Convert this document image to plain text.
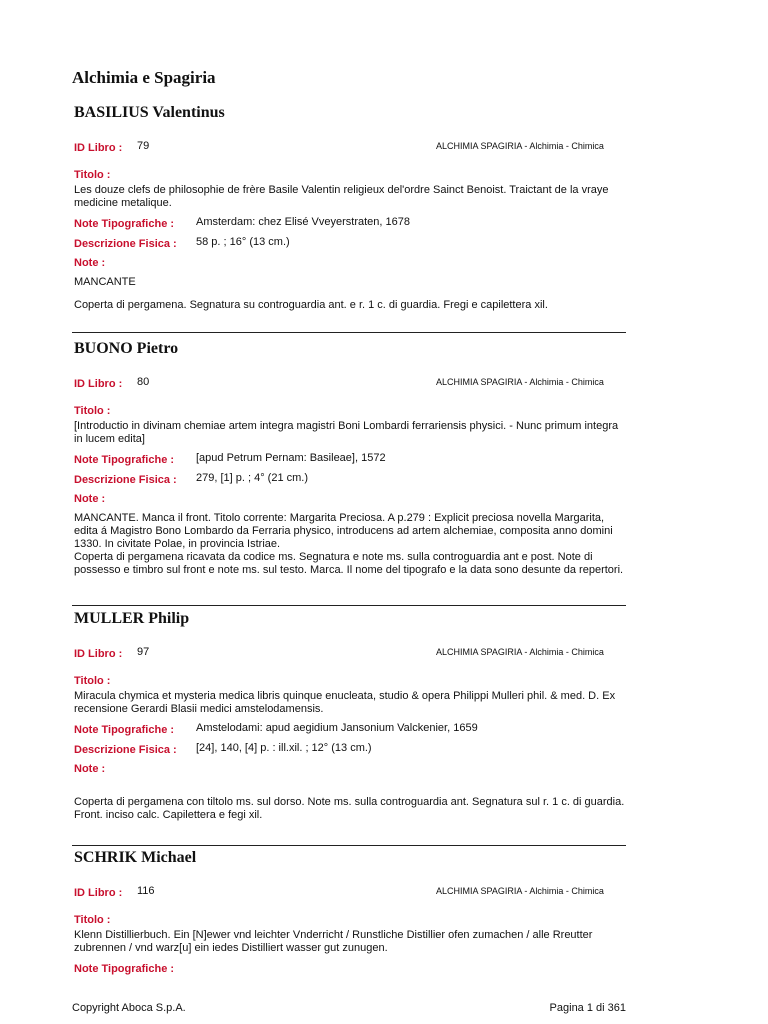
Alchimia e Spagiria
BASILIUS Valentinus
ID Libro : 79	ALCHIMIA SPAGIRIA - Alchimia - Chimica
Titolo :
Les douze clefs de philosophie de frère Basile Valentin religieux del'ordre Sainct Benoist. Traictant de la vraye medicine metalique.
Note Tipografiche : Amsterdam: chez Elisé Vveyerstraten, 1678
Descrizione Fisica : 58 p. ; 16° (13 cm.)
Note :
MANCANTE
Coperta di pergamena. Segnatura su controguardia ant. e r. 1 c. di guardia. Fregi e capilettera xil.
BUONO Pietro
ID Libro : 80	ALCHIMIA SPAGIRIA - Alchimia - Chimica
Titolo :
[Introductio in divinam chemiae artem integra magistri Boni Lombardi ferrariensis physici. - Nunc primum integra in lucem edita]
Note Tipografiche : [apud Petrum Pernam: Basileae], 1572
Descrizione Fisica : 279, [1] p. ; 4° (21 cm.)
Note :
MANCANTE. Manca il front. Titolo corrente: Margarita Preciosa. A p.279 : Explicit preciosa novella Margarita, edita á Magistro Bono Lombardo da Ferraria physico, introducens ad artem alchemiae, composita anno domini 1330. In civitate Polae, in provincia Istriae.
Coperta di pergamena ricavata da codice ms. Segnatura e note ms. sulla controguardia ant e post. Note di possesso e timbro sul front e note ms. sul testo. Marca. Il nome del tipografo e la data sono desunte da repertori.
MULLER Philip
ID Libro : 97	ALCHIMIA SPAGIRIA - Alchimia - Chimica
Titolo :
Miracula chymica et mysteria medica libris quinque enucleata, studio & opera Philippi Mulleri phil. & med. D. Ex recensione Gerardi Blasii medici amstelodamensis.
Note Tipografiche : Amstelodami: apud aegidium Jansonium Valckenier, 1659
Descrizione Fisica : [24], 140, [4] p. : ill.xil. ; 12° (13 cm.)
Note :
Coperta di pergamena con tiltolo ms. sul dorso. Note ms. sulla controguardia ant. Segnatura sul r. 1 c. di guardia. Front. inciso calc. Capilettera e fegi xil.
SCHRIK Michael
ID Libro : 116	ALCHIMIA SPAGIRIA - Alchimia - Chimica
Titolo :
Klenn Distillierbuch. Ein [N]ewer vnd leichter Vnderricht / Runstliche Distillier ofen zumachen / alle Rreutter zubrennen / vnd warz[u] ein iedes Distilliert wasser gut zunugen.
Note Tipografiche :
Copyright Aboca S.p.A.	Pagina 1 di 361
